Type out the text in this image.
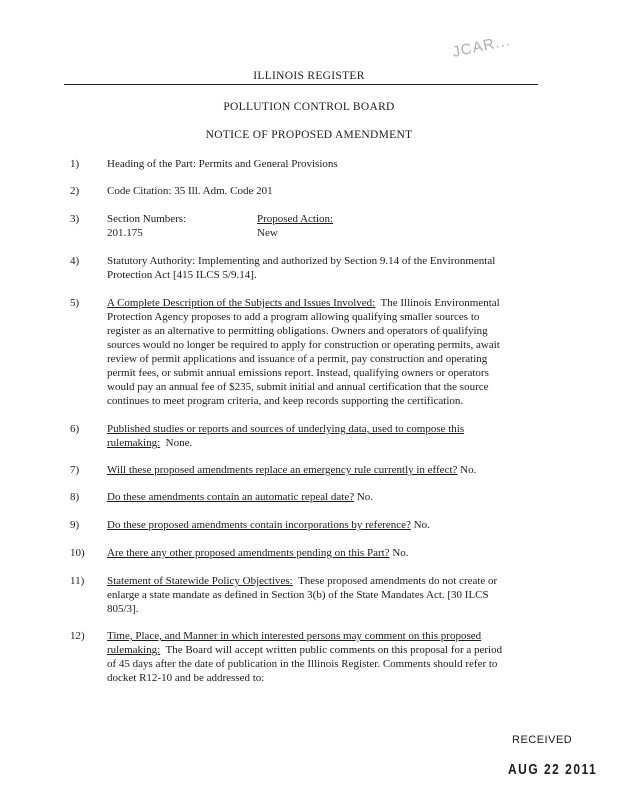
JCAR...
ILLINOIS REGISTER
POLLUTION CONTROL BOARD
NOTICE OF PROPOSED AMENDMENT
1)	Heading of the Part: Permits and General Provisions
2)	Code Citation: 35 Ill. Adm. Code 201
3)	Section Numbers:
201.175
Proposed Action:
New
4)	Statutory Authority: Implementing and authorized by Section 9.14 of the Environmental
Protection Act [415 ILCS 5/9.14].
5)	A Complete Description of the Subjects and Issues Involved: The Illinois Environmental
Protection Agency proposes to add a program allowing qualifying smaller sources to
register as an alternative to permitting obligations. Owners and operators of qualifying
sources would no longer be required to apply for construction or operating permits, await
review of permit applications and issuance of a permit, pay construction and operating
permit fees, or submit annual emissions report. Instead, qualifying owners or operators
would pay an annual fee of $235, submit initial and annual certification that the source
continues to meet program criteria, and keep records supporting the certification.
6)	Published studies or reports and sources of underlying data, used to compose this
rulemaking: None.
7)	Will these proposed amendments replace an emergency rule currently in effect? No.
8)	Do these amendments contain an automatic repeal date? No.
9)	Do these proposed amendments contain incorporations by reference? No.
10)	Are there any other proposed amendments pending on this Part? No.
11)	Statement of Statewide Policy Objectives: These proposed amendments do not create or
enlarge a state mandate as defined in Section 3(b) of the State Mandates Act. [30 ILCS
805/3].
12)	Time, Place, and Manner in which interested persons may comment on this proposed
rulemaking: The Board will accept written public comments on this proposal for a period
of 45 days after the date of publication in the Illinois Register. Comments should refer to
docket R12-10 and be addressed to:
RECEIVED
AUG 22 2011
